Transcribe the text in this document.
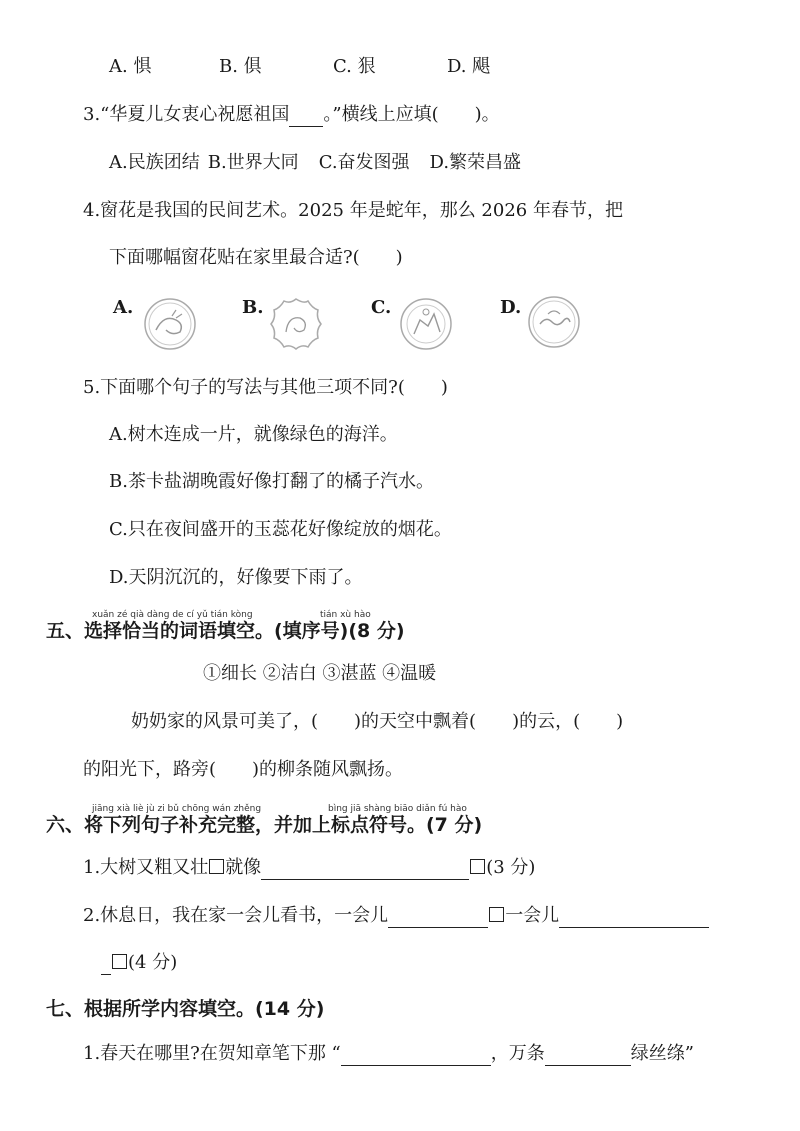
A. 惧	B. 俱	C. 狠	D. 飓
3.“华夏儿女衷心祝愿祖国 。”横线上应填(　　)。
A.民族团结 B.世界大同 C.奋发图强 D.繁荣昌盛
4.窗花是我国的民间艺术。2025 年是蛇年，那么 2026 年春节，把
下面哪幅窗花贴在家里最合适?(　　)
A.	B.	C.	D.
5.下面哪个句子的写法与其他三项不同?(　　)
A.树木连成一片，就像绿色的海洋。
B.茶卡盐湖晚霞好像打翻了的橘子汽水。
C.只在夜间盛开的玉蕊花好像绽放的烟花。
D.天阴沉沉的，好像要下雨了。
xuǎn zé qià dàng de cí yǔ tián kòng	tián xù hào
五、选择恰当的词语填空。(填序号)(8 分)
①细长 ②洁白 ③湛蓝 ④温暖
奶奶家的风景可美了，(　　)的天空中飘着(　　)的云，(　　)
的阳光下，路旁(　　)的柳条随风飘扬。
jiāng xià liè jù zi bǔ chōng wán zhěng	bìng jiā shàng biāo diǎn fú hào
六、将下列句子补充完整，并加上标点符号。(7 分)
1.大树又粗又壮 就像	(3 分)
2.休息日，我在家一会儿看书，一会儿	一会儿
(4 分)
七、根据所学内容填空。(14 分)
1.春天在哪里?在贺知章笔下那 “	，万条	绿丝绦”
